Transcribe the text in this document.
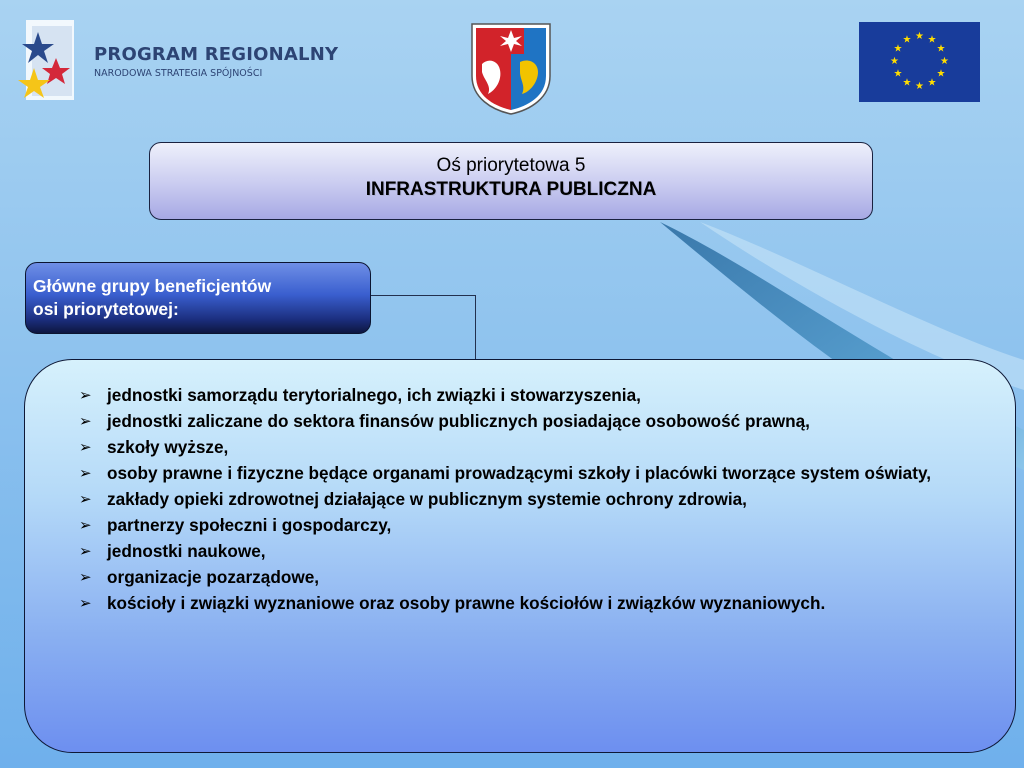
PROGRAM REGIONALNY
NARODOWA STRATEGIA SPÓJNOŚCI
★ ★
★
★
★
★
★
★
★
★
★
★
Oś priorytetowa 5
INFRASTRUKTURA PUBLICZNA
Główne grupy beneficjentów
osi priorytetowej:
➢ jednostki samorządu terytorialnego, ich związki i stowarzyszenia,
➢ jednostki zaliczane do sektora finansów publicznych posiadające osobowość prawną,
➢ szkoły wyższe,
➢ osoby prawne i fizyczne będące organami prowadzącymi szkoły i placówki tworzące system oświaty,
➢ zakłady opieki zdrowotnej działające w publicznym systemie ochrony zdrowia,
➢ partnerzy społeczni i gospodarczy,
➢ jednostki naukowe,
➢ organizacje pozarządowe,
➢ kościoły i związki wyznaniowe oraz osoby prawne kościołów i związków wyznaniowych.
